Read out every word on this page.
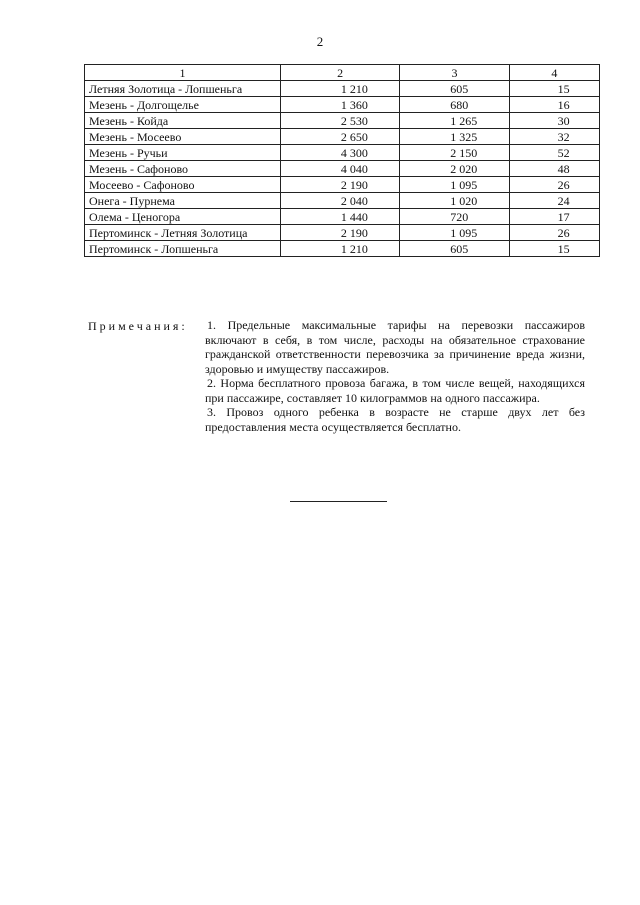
2
1	2	3	4
Летняя Золотица - Лопшеньга	1 210	605	15
Мезень - Долгощелье	1 360	680	16
Мезень - Койда	2 530	1 265	30
Мезень - Мосеево	2 650	1 325	32
Мезень - Ручьи	4 300	2 150	52
Мезень - Сафоново	4 040	2 020	48
Мосеево - Сафоново	2 190	1 095	26
Онега - Пурнема	2 040	1 020	24
Олема - Ценогора	1 440	720	17
Пертоминск - Летняя Золотица	2 190	1 095	26
Пертоминск - Лопшеньга	1 210	605	15
Примечания: 1. Предельные максимальные тарифы на перевозки пассажиров включают в себя, в том числе, расходы на обязательное страхование гражданской ответственности перевозчика за причинение вреда жизни, здоровью и имуществу пассажиров.

2. Норма бесплатного провоза багажа, в том числе вещей, находящихся при пассажире, составляет 10 килограммов на одного пассажира.

3. Провоз одного ребенка в возрасте не старше двух лет без предоставления места осуществляется бесплатно.
